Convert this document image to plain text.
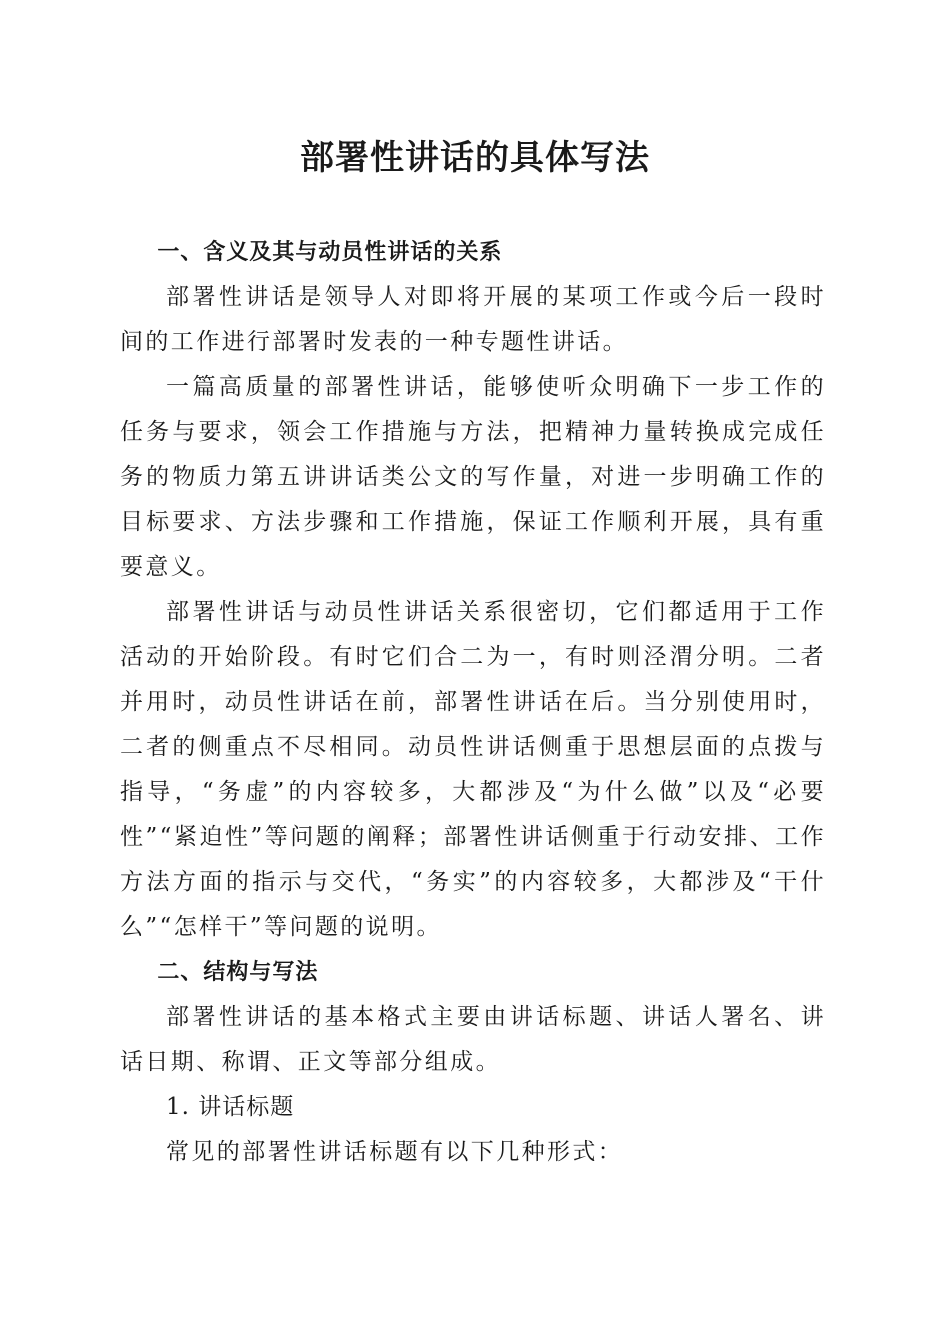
部署性讲话的具体写法
一、含义及其与动员性讲话的关系

部署性讲话是领导人对即将开展的某项工作或今后一段时间的工作进行部署时发表的一种专题性讲话。

一篇高质量的部署性讲话，能够使听众明确下一步工作的任务与要求，领会工作措施与方法，把精神力量转换成完成任务的物质力第五讲讲话类公文的写作量，对进一步明确工作的目标要求、方法步骤和工作措施，保证工作顺利开展，具有重要意义。

部署性讲话与动员性讲话关系很密切，它们都适用于工作活动的开始阶段。有时它们合二为一，有时则泾渭分明。二者并用时，动员性讲话在前，部署性讲话在后。当分别使用时，二者的侧重点不尽相同。动员性讲话侧重于思想层面的点拨与指导，“务虚”的内容较多，大都涉及“为什么做”以及“必要性”“紧迫性”等问题的阐释；部署性讲话侧重于行动安排、工作方法方面的指示与交代，“务实”的内容较多，大都涉及“干什么”“怎样干”等问题的说明。

二、结构与写法

部署性讲话的基本格式主要由讲话标题、讲话人署名、讲话日期、称谓、正文等部分组成。

1. 讲话标题

常见的部署性讲话标题有以下几种形式：
